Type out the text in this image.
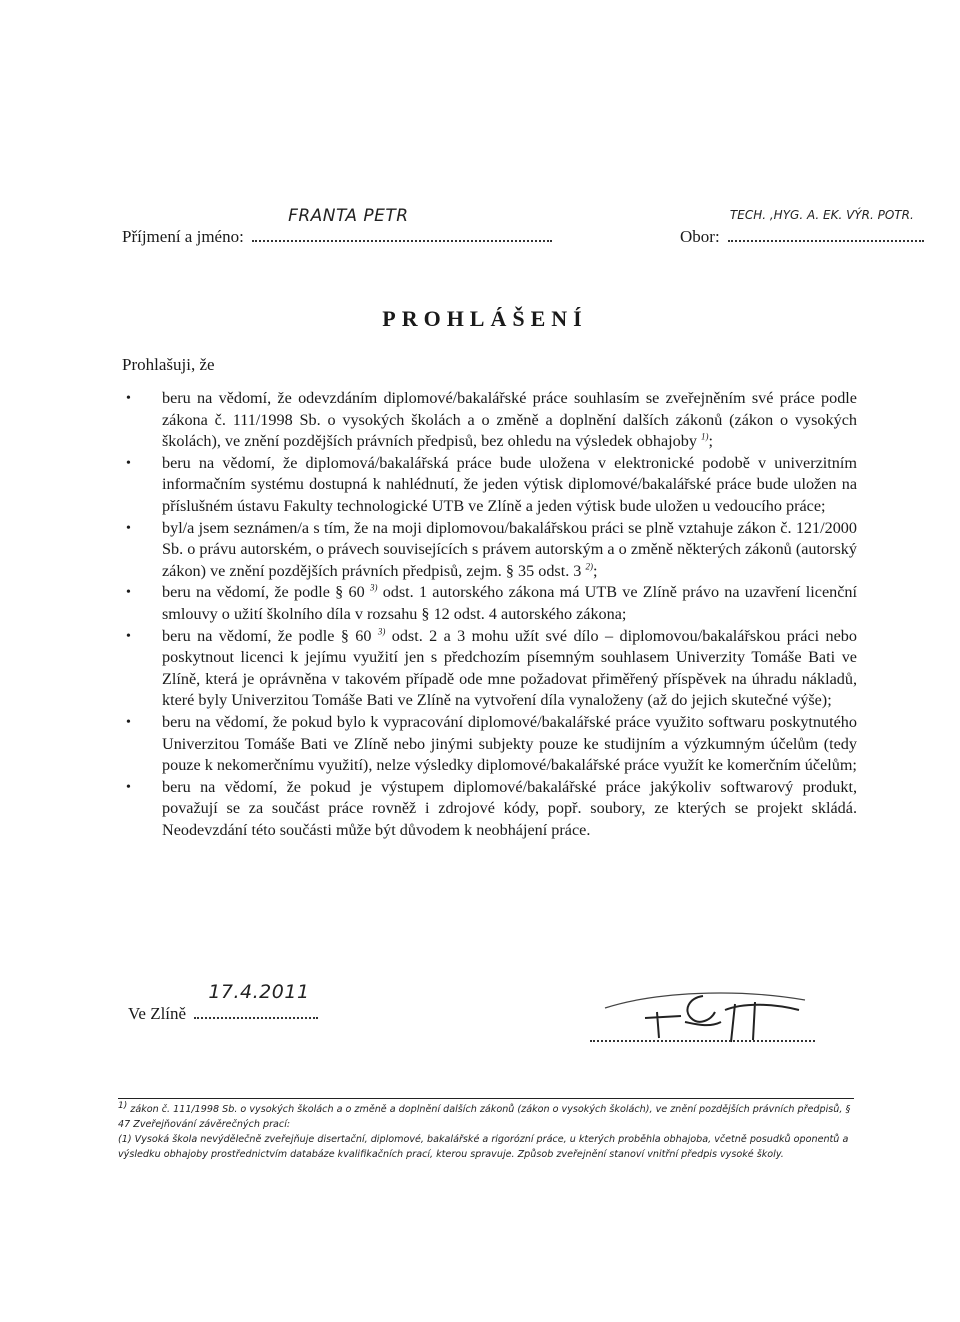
Příjmení a jméno:
FRANTA PETR
Obor:
TECH. ,HYG. A. EK. VÝR. POTR.
PROHLÁŠENÍ
Prohlašuji, že
• beru na vědomí, že odevzdáním diplomové/bakalářské práce souhlasím se zveřejněním své práce podle zákona č. 111/1998 Sb. o vysokých školách a o změně a doplnění dalších zákonů (zákon o vysokých školách), ve znění pozdějších právních předpisů, bez ohledu na výsledek obhajoby $^{1)}$;
• beru na vědomí, že diplomová/bakalářská práce bude uložena v elektronické podobě v univerzitním informačním systému dostupná k nahlédnutí, že jeden výtisk diplomové/bakalářské práce bude uložen na příslušném ústavu Fakulty technologické UTB ve Zlíně a jeden výtisk bude uložen u vedoucího práce;
• byl/a jsem seznámen/a s tím, že na moji diplomovou/bakalářskou práci se plně vztahuje zákon č. 121/2000 Sb. o právu autorském, o právech souvisejících s právem autorským a o změně některých zákonů (autorský zákon) ve znění pozdějších právních předpisů, zejm. § 35 odst. 3 $^{2)}$;
• beru na vědomí, že podle § 60 $^{3)}$ odst. 1 autorského zákona má UTB ve Zlíně právo na uzavření licenční smlouvy o užití školního díla v rozsahu § 12 odst. 4 autorského zákona;
• beru na vědomí, že podle § 60 $^{3)}$ odst. 2 a 3 mohu užít své dílo – diplomovou/bakalářskou práci nebo poskytnout licenci k jejímu využití jen s předchozím písemným souhlasem Univerzity Tomáše Bati ve Zlíně, která je oprávněna v takovém případě ode mne požadovat přiměřený příspěvek na úhradu nákladů, které byly Univerzitou Tomáše Bati ve Zlíně na vytvoření díla vynaloženy (až do jejich skutečné výše);
• beru na vědomí, že pokud bylo k vypracování diplomové/bakalářské práce využito softwaru poskytnutého Univerzitou Tomáše Bati ve Zlíně nebo jinými subjekty pouze ke studijním a výzkumným účelům (tedy pouze k nekomerčnímu využití), nelze výsledky diplomové/bakalářské práce využít ke komerčním účelům;
• beru na vědomí, že pokud je výstupem diplomové/bakalářské práce jakýkoliv softwarový produkt, považují se za součást práce rovněž i zdrojové kódy, popř. soubory, ze kterých se projekt skládá. Neodevzdání této součásti může být důvodem k neobhájení práce.
Ve Zlíně
17.4.2011

$^{1)}$ zákon č. 111/1998 Sb. o vysokých školách a o změně a doplnění dalších zákonů (zákon o vysokých školách), ve znění pozdějších právních předpisů, § 47 Zveřejňování závěrečných prací:

(1) Vysoká škola nevýdělečně zveřejňuje disertační, diplomové, bakalářské a rigorózní práce, u kterých proběhla obhajoba, včetně posudků oponentů a výsledku obhajoby prostřednictvím databáze kvalifikačních prací, kterou spravuje. Způsob zveřejnění stanoví vnitřní předpis vysoké školy.
